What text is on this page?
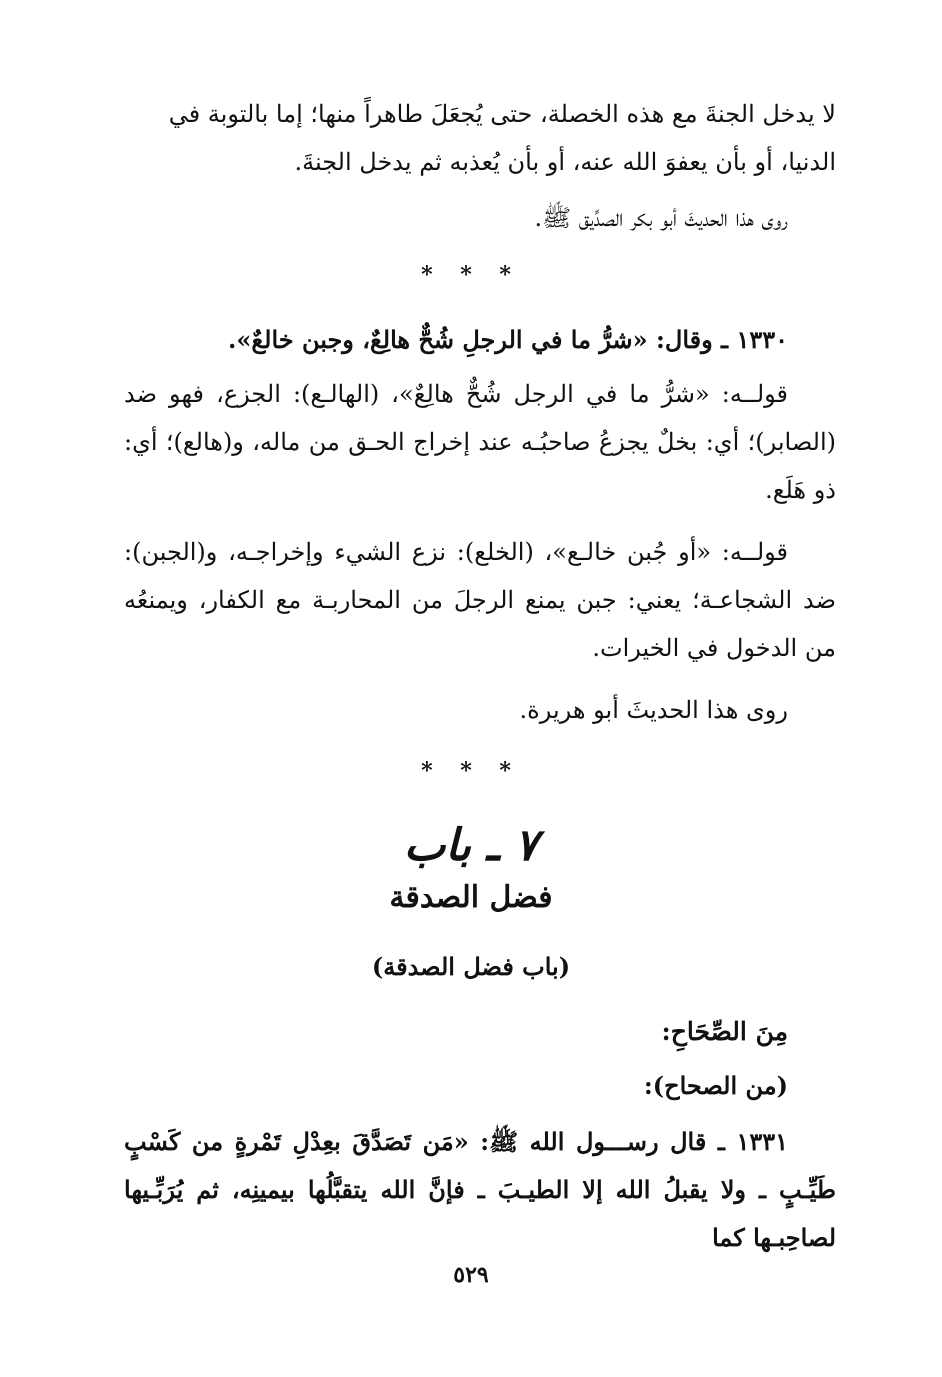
لا يدخل الجنةَ مع هذه الخصلة، حتى يُجعَلَ طاهراً منها؛ إما بالتوبة في
الدنيا، أو بأن يعفوَ الله عنه، أو بأن يُعذبه ثم يدخل الجنةَ.
روى هذا الحديثَ أبو بكر الصدِّيق ﷺ.
* * *
١٣٣٠ ـ وقال: «شرُّ ما في الرجلِ شُحٌّ هالِعٌ، وجبن خالعٌ».
قولــه: «شرُّ ما في الرجل شُحٌّ هالِعٌ»، (الهالـع): الجزع، فهو ضد (الصابر)؛ أي: بخلٌ يجزعُ صاحبُـه عند إخراج الحـق من ماله، و(هالع)؛ أي: ذو هَلَع.
قولــه: «أو جُبن خالـع»، (الخلع): نزع الشيء وإخراجـه، و(الجبن): ضد الشجاعـة؛ يعني: جبن يمنع الرجلَ من المحاربـة مع الكفار، ويمنعُه من الدخول في الخيرات.
روى هذا الحديثَ أبو هريرة.
* * *
٧ ـ باب
فضل الصدقة
(باب فضل الصدقة)
مِنَ الصِّحَاحِ:
(من الصحاح):
١٣٣١ ـ قال رســـول الله ﷺ: «مَن تَصَدَّقَ بعِدْلِ تَمْرةٍ من كَسْبٍ طَيِّـبٍ ـ ولا يقبلُ الله إلا الطيـبَ ـ فإنَّ الله يتقبَّلُها بيمينِه، ثم يُرَبِّـيها لصاحِبـها كما
٥٢٩
